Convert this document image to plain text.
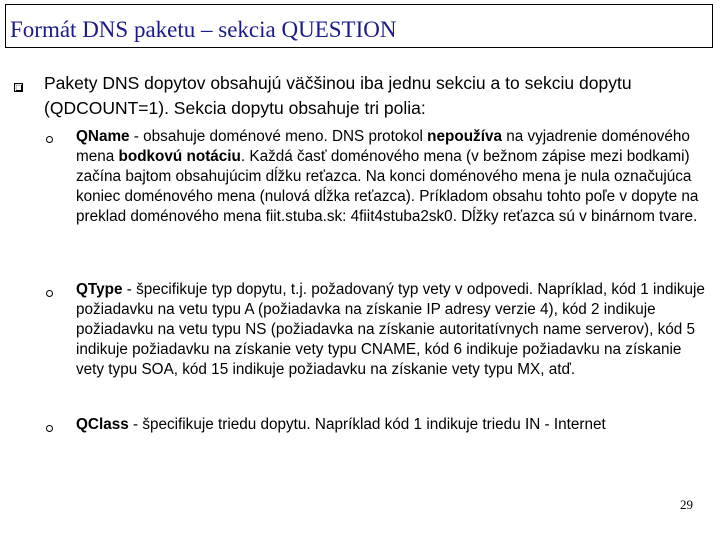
Formát DNS paketu – sekcia QUESTION
Pakety DNS dopytov obsahujú väčšinou iba jednu sekciu a to sekciu dopytu (QDCOUNT=1). Sekcia dopytu obsahuje tri polia:
QName - obsahuje doménové meno. DNS protokol nepoužíva na vyjadrenie doménového mena bodkovú notáciu. Každá časť doménového mena (v bežnom zápise mezi bodkami) začína bajtom obsahujúcim dĺžku reťazca. Na konci doménového mena je nula označujúca koniec doménového mena (nulová dĺžka reťazca). Príkladom obsahu tohto poľe v dopyte na preklad doménového mena fiit.stuba.sk: 4fiit4stuba2sk0. Dĺžky reťazca sú v binárnom tvare.
QType - špecifikuje typ dopytu, t.j. požadovaný typ vety v odpovedi. Napríklad, kód 1 indikuje požiadavku na vetu typu A (požiadavka na získanie IP adresy verzie 4), kód 2 indikuje požiadavku na vetu typu NS (požiadavka na získanie autoritatívnych name serverov), kód 5 indikuje požiadavku na získanie vety typu CNAME, kód 6 indikuje požiadavku na získanie vety typu SOA, kód 15 indikuje požiadavku na získanie vety typu MX, atď.
QClass - špecifikuje triedu dopytu. Napríklad kód 1 indikuje triedu IN - Internet
29
